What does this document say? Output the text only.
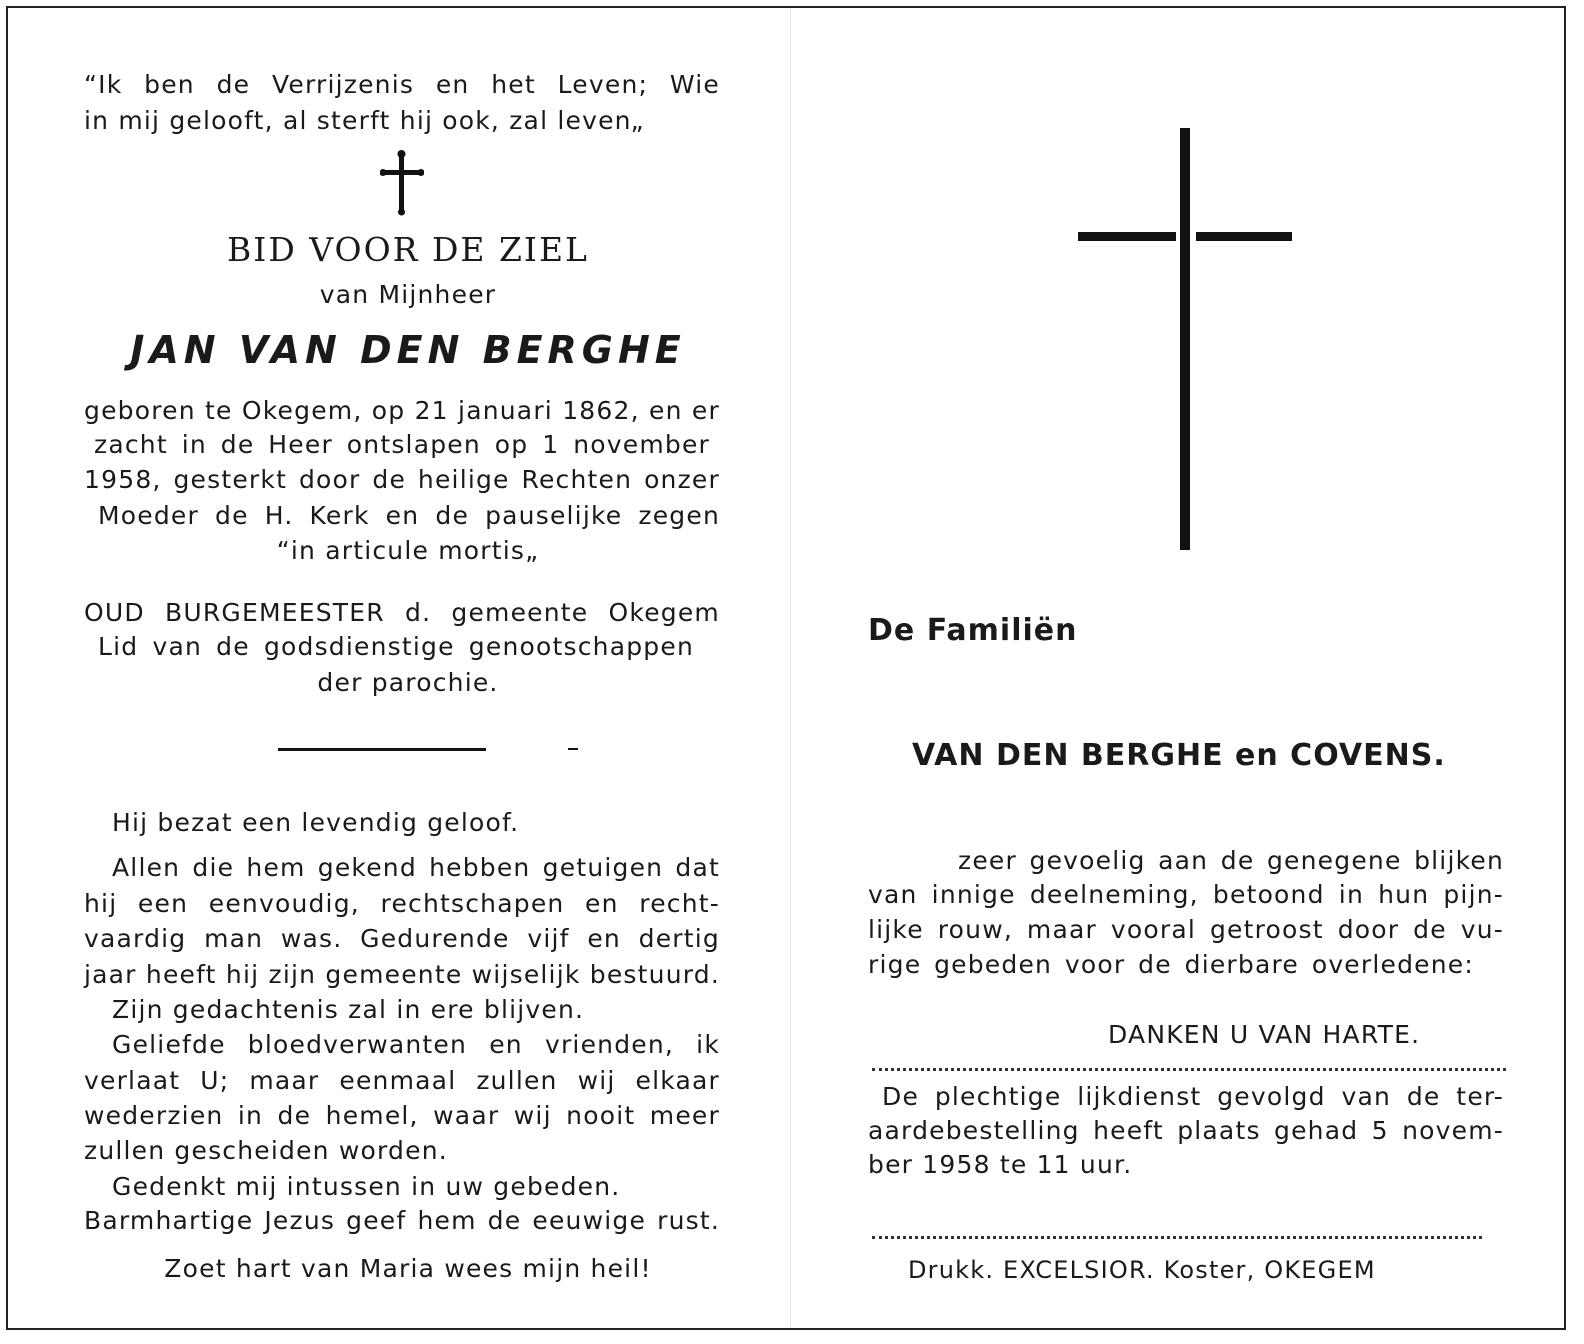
“Ik ben de Verrijzenis en het Leven; Wie
in mij gelooft, al sterft hij ook, zal leven„
BID VOOR DE ZIEL
van Mijnheer
JAN VAN DEN BERGHE
geboren te Okegem, op 21 januari 1862, en er
zacht in de Heer ontslapen op 1 november
1958, gesterkt door de heilige Rechten onzer
Moeder de H. Kerk en de pauselijke zegen
“in articule mortis„
OUD BURGEMEESTER d. gemeente Okegem
Lid van de godsdienstige genootschappen
der parochie.
Hij bezat een levendig geloof.
Allen die hem gekend hebben getuigen dat
hij een eenvoudig, rechtschapen en recht-
vaardig man was. Gedurende vijf en dertig
jaar heeft hij zijn gemeente wijselijk bestuurd.
Zijn gedachtenis zal in ere blijven.
Geliefde bloedverwanten en vrienden, ik
verlaat U; maar eenmaal zullen wij elkaar
wederzien in de hemel, waar wij nooit meer
zullen gescheiden worden.
Gedenkt mij intussen in uw gebeden.
Barmhartige Jezus geef hem de eeuwige rust.
Zoet hart van Maria wees mijn heil!
De Familiën
VAN DEN BERGHE en COVENS.
zeer gevoelig aan de genegene blijken
van innige deelneming, betoond in hun pijn-
lijke rouw, maar vooral getroost door de vu-
rige gebeden voor de dierbare overledene:
DANKEN U VAN HARTE.
De plechtige lijkdienst gevolgd van de ter-
aardebestelling heeft plaats gehad 5 novem-
ber 1958 te 11 uur.
Drukk. EXCELSIOR. Koster, OKEGEM
